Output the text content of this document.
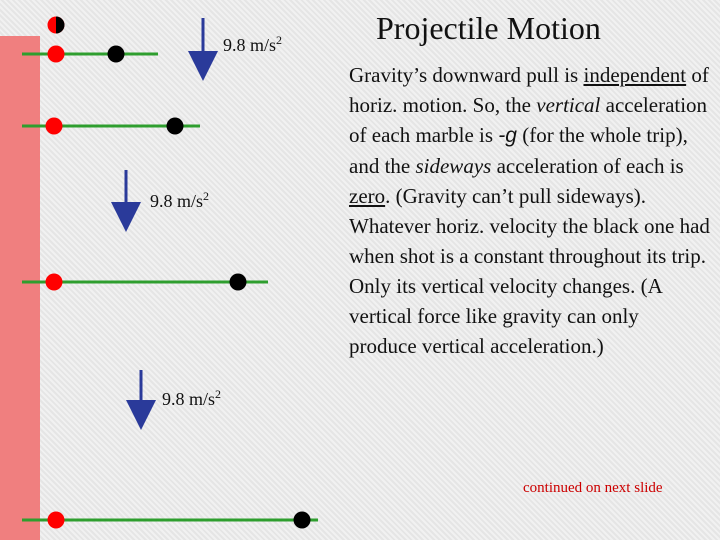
9.8 $m/s^2$
9.8 $m/s^2$
9.8 $m/s^2$
Projectile Motion
Gravity’s downward pull is independent of horiz. motion. So, the vertical acceleration of each marble is -g (for the whole trip), and the sideways acceleration of each is zero. (Gravity can’t pull sideways). Whatever horiz. velocity the black one had when shot is a constant throughout its trip. Only its vertical velocity changes. (A vertical force like gravity can only produce vertical acceleration.)
continued on next slide
